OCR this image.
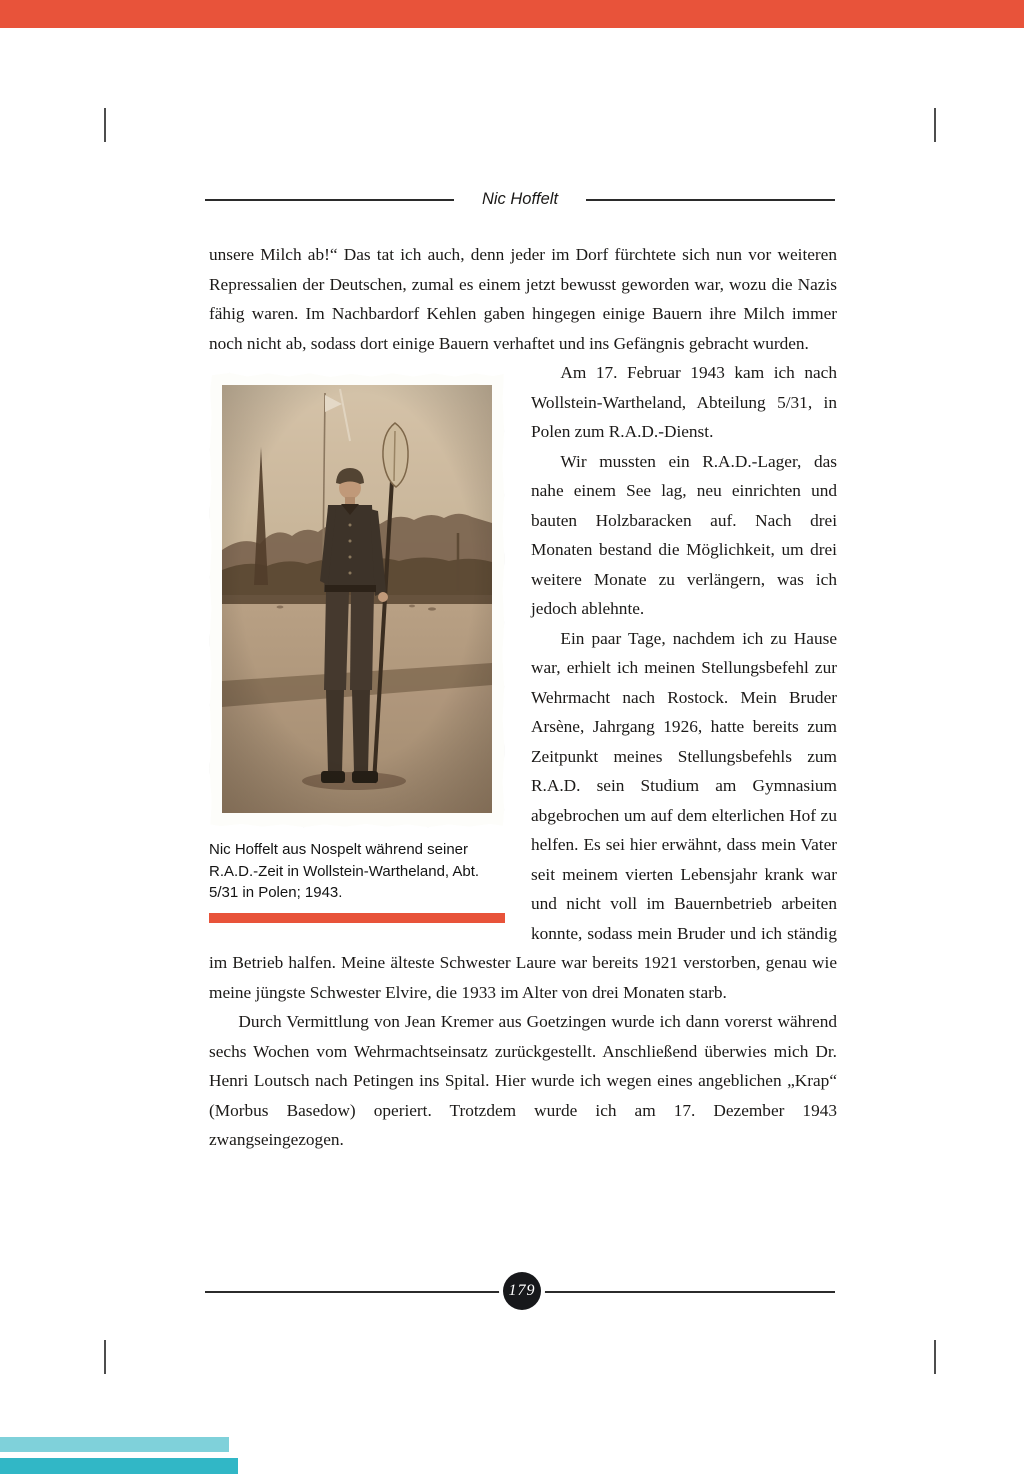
Nic Hoffelt

unsere Milch ab!“ Das tat ich auch, denn jeder im Dorf fürchtete sich nun vor weiteren Repressalien der Deutschen, zumal es einem jetzt bewusst geworden war, wozu die Nazis fähig waren. Im Nachbardorf Kehlen gaben hingegen einige Bauern ihre Milch immer noch nicht ab, sodass dort einige Bauern verhaftet und ins Gefängnis gebracht wurden.

Nic Hoffelt aus Nospelt während seiner R.A.D.-Zeit in Wollstein-Wartheland, Abt. 5/31 in Polen; 1943.

Am 17. Februar 1943 kam ich nach Wollstein-Wartheland, Abteilung 5/31, in Polen zum R.A.D.-Dienst.

Wir mussten ein R.A.D.-Lager, das nahe einem See lag, neu einrichten und bauten Holzbaracken auf. Nach drei Monaten bestand die Möglichkeit, um drei weitere Monate zu verlängern, was ich jedoch ablehnte.

Ein paar Tage, nachdem ich zu Hause war, erhielt ich meinen Stellungsbefehl zur Wehrmacht nach Rostock. Mein Bruder Arsène, Jahrgang 1926, hatte bereits zum Zeitpunkt meines Stellungsbefehls zum R.A.D. sein Studium am Gymnasium abgebrochen um auf dem elterlichen Hof zu helfen. Es sei hier erwähnt, dass mein Vater seit meinem vierten Lebensjahr krank war und nicht voll im Bauernbetrieb arbeiten konnte, sodass mein Bruder und ich ständig im Betrieb halfen. Meine älteste Schwester Laure war bereits 1921 verstorben, genau wie meine jüngste Schwester Elvire, die 1933 im Alter von drei Monaten starb.

Durch Vermittlung von Jean Kremer aus Goetzingen wurde ich dann vorerst während sechs Wochen vom Wehrmachtseinsatz zurückgestellt. Anschließend überwies mich Dr. Henri Loutsch nach Petingen ins Spital. Hier wurde ich wegen eines angeblichen „Krap“ (Morbus Basedow) operiert. Trotzdem wurde ich am 17. Dezember 1943 zwangseingezogen.

179
